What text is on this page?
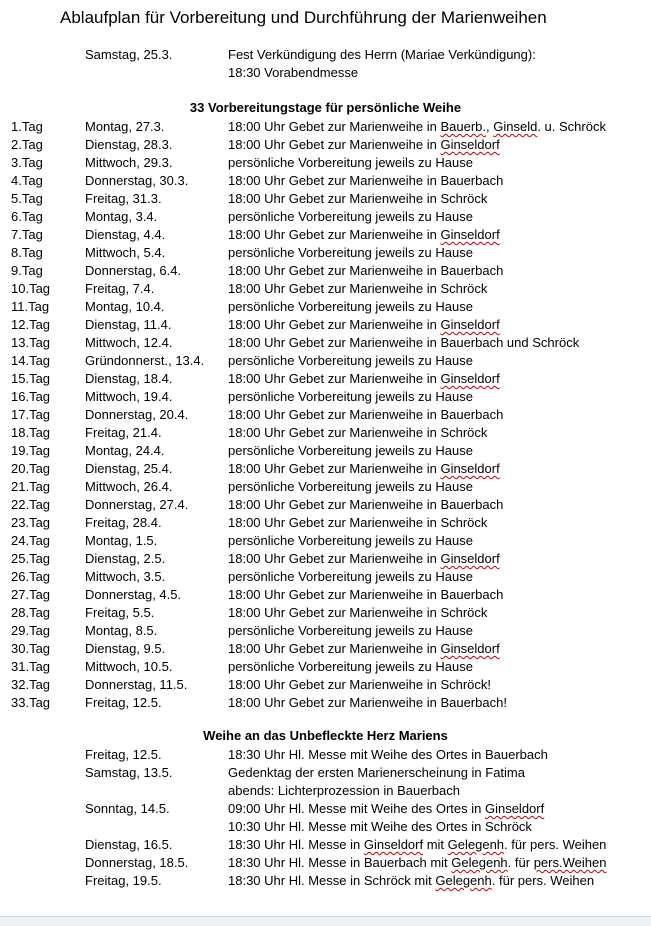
Ablaufplan für Vorbereitung und Durchführung der Marienweihen
Samstag, 25.3.	Fest Verkündigung des Herrn (Mariae Verkündigung):
18:30 Vorabendmesse
33 Vorbereitungstage für persönliche Weihe
1.Tag	Montag, 27.3.	18:00 Uhr Gebet zur Marienweihe in Bauerb., Ginseld. u. Schröck
2.Tag	Dienstag, 28.3.	18:00 Uhr Gebet zur Marienweihe in Ginseldorf
3.Tag	Mittwoch, 29.3.	persönliche Vorbereitung jeweils zu Hause
4.Tag	Donnerstag, 30.3.	18:00 Uhr Gebet zur Marienweihe in Bauerbach
5.Tag	Freitag, 31.3.	18:00 Uhr Gebet zur Marienweihe in Schröck
6.Tag	Montag, 3.4.	persönliche Vorbereitung jeweils zu Hause
7.Tag	Dienstag, 4.4.	18:00 Uhr Gebet zur Marienweihe in Ginseldorf
8.Tag	Mittwoch, 5.4.	persönliche Vorbereitung jeweils zu Hause
9.Tag	Donnerstag, 6.4.	18:00 Uhr Gebet zur Marienweihe in Bauerbach
10.Tag	Freitag, 7.4.	18:00 Uhr Gebet zur Marienweihe in Schröck
11.Tag	Montag, 10.4.	persönliche Vorbereitung jeweils zu Hause
12.Tag	Dienstag, 11.4.	18:00 Uhr Gebet zur Marienweihe in Ginseldorf
13.Tag	Mittwoch, 12.4.	18:00 Uhr Gebet zur Marienweihe in Bauerbach und Schröck
14.Tag	Gründonnerst., 13.4. persönliche Vorbereitung jeweils zu Hause
15.Tag	Dienstag, 18.4.	18:00 Uhr Gebet zur Marienweihe in Ginseldorf
16.Tag	Mittwoch, 19.4.	persönliche Vorbereitung jeweils zu Hause
17.Tag	Donnerstag, 20.4.	18:00 Uhr Gebet zur Marienweihe in Bauerbach
18.Tag	Freitag, 21.4.	18:00 Uhr Gebet zur Marienweihe in Schröck
19.Tag	Montag, 24.4.	persönliche Vorbereitung jeweils zu Hause
20.Tag	Dienstag, 25.4.	18:00 Uhr Gebet zur Marienweihe in Ginseldorf
21.Tag	Mittwoch, 26.4.	persönliche Vorbereitung jeweils zu Hause
22.Tag	Donnerstag, 27.4.	18:00 Uhr Gebet zur Marienweihe in Bauerbach
23.Tag	Freitag, 28.4.	18:00 Uhr Gebet zur Marienweihe in Schröck
24.Tag	Montag, 1.5.	persönliche Vorbereitung jeweils zu Hause
25.Tag	Dienstag, 2.5.	18:00 Uhr Gebet zur Marienweihe in Ginseldorf
26.Tag	Mittwoch, 3.5.	persönliche Vorbereitung jeweils zu Hause
27.Tag	Donnerstag, 4.5.	18:00 Uhr Gebet zur Marienweihe in Bauerbach
28.Tag	Freitag, 5.5.	18:00 Uhr Gebet zur Marienweihe in Schröck
29.Tag	Montag, 8.5.	persönliche Vorbereitung jeweils zu Hause
30.Tag	Dienstag, 9.5.	18:00 Uhr Gebet zur Marienweihe in Ginseldorf
31.Tag	Mittwoch, 10.5.	persönliche Vorbereitung jeweils zu Hause
32.Tag	Donnerstag, 11.5.	18:00 Uhr Gebet zur Marienweihe in Schröck!
33.Tag	Freitag, 12.5.	18:00 Uhr Gebet zur Marienweihe in Bauerbach!
Weihe an das Unbefleckte Herz Mariens
Freitag, 12.5.	18:30 Uhr Hl. Messe mit Weihe des Ortes in Bauerbach
Samstag, 13.5.	Gedenktag der ersten Marienerscheinung in Fatima
abends: Lichterprozession in Bauerbach
Sonntag, 14.5.	09:00 Uhr Hl. Messe mit Weihe des Ortes in Ginseldorf
10:30 Uhr Hl. Messe mit Weihe des Ortes in Schröck
Dienstag, 16.5.	18:30 Uhr Hl. Messe in Ginseldorf mit Gelegenh. für pers. Weihen
Donnerstag, 18.5.	18:30 Uhr Hl. Messe in Bauerbach mit Gelegenh. für pers.Weihen
Freitag, 19.5.	18:30 Uhr Hl. Messe in Schröck mit Gelegenh. für pers. Weihen
